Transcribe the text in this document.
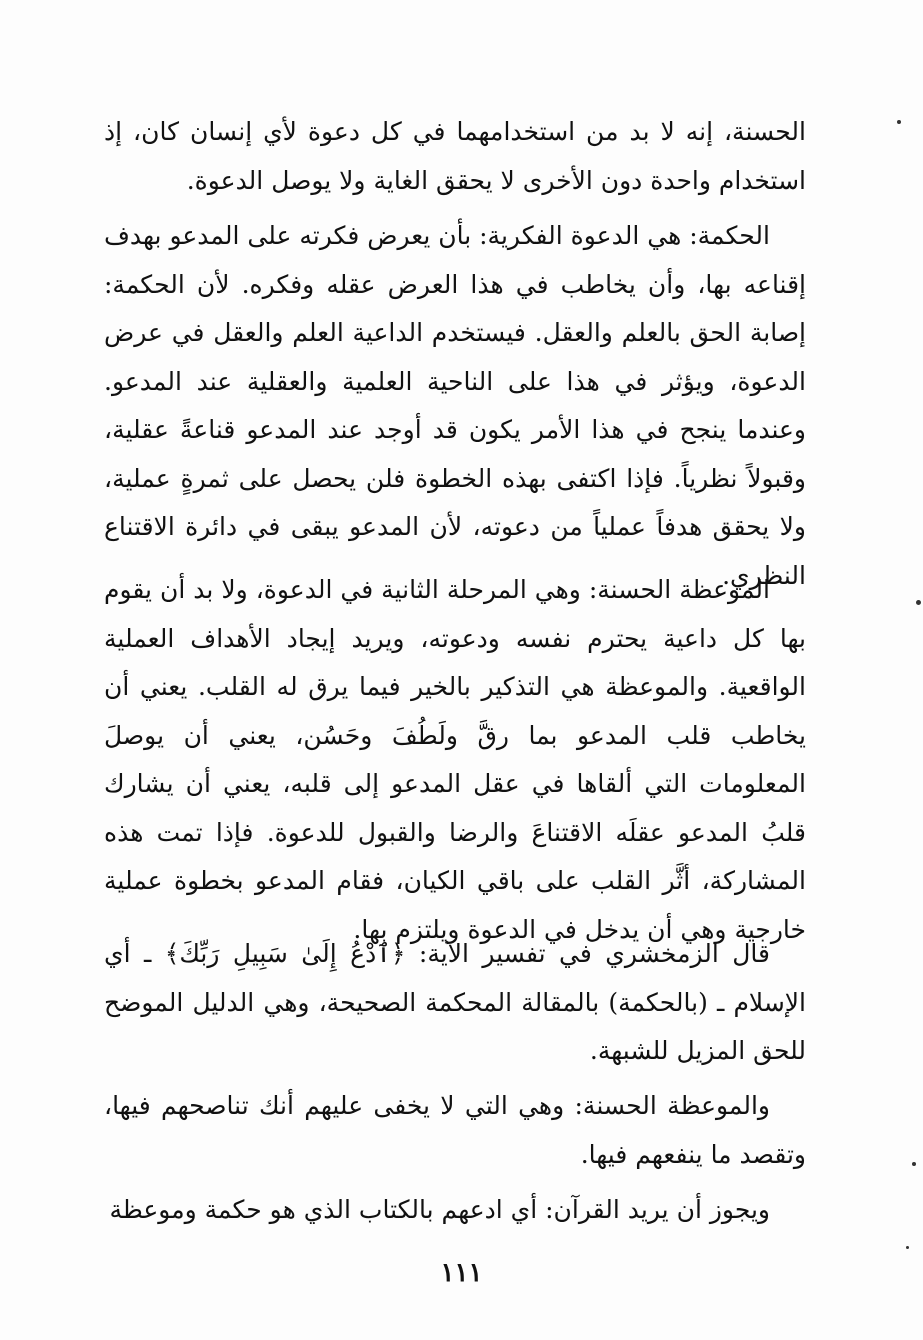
الحسنة، إنه لا بد من استخدامهما في كل دعوة لأي إنسان كان، إذ استخدام واحدة دون الأخرى لا يحقق الغاية ولا يوصل الدعوة.

الحكمة: هي الدعوة الفكرية: بأن يعرض فكرته على المدعو بهدف إقناعه بها، وأن يخاطب في هذا العرض عقله وفكره. لأن الحكمة: إصابة الحق بالعلم والعقل. فيستخدم الداعية العلم والعقل في عرض الدعوة، ويؤثر في هذا على الناحية العلمية والعقلية عند المدعو. وعندما ينجح في هذا الأمر يكون قد أوجد عند المدعو قناعةً عقلية، وقبولاً نظرياً. فإذا اكتفى بهذه الخطوة فلن يحصل على ثمرةٍ عملية، ولا يحقق هدفاً عملياً من دعوته، لأن المدعو يبقى في دائرة الاقتناع النظري.

الموعظة الحسنة: وهي المرحلة الثانية في الدعوة، ولا بد أن يقوم بها كل داعية يحترم نفسه ودعوته، ويريد إيجاد الأهداف العملية الواقعية. والموعظة هي التذكير بالخير فيما يرق له القلب. يعني أن يخاطب قلب المدعو بما رقَّ ولَطُفَ وحَسُن، يعني أن يوصلَ المعلومات التي ألقاها في عقل المدعو إلى قلبه، يعني أن يشارك قلبُ المدعو عقلَه الاقتناعَ والرضا والقبول للدعوة. فإذا تمت هذه المشاركة، أثَّر القلب على باقي الكيان، فقام المدعو بخطوة عملية خارجية وهي أن يدخل في الدعوة ويلتزم بها.

قال الزمخشري في تفسير الآية: ﴿ٱدْعُ إِلَىٰ سَبِيلِ رَبِّكَ﴾ ـ أي الإسلام ـ (بالحكمة) بالمقالة المحكمة الصحيحة، وهي الدليل الموضح للحق المزيل للشبهة.

والموعظة الحسنة: وهي التي لا يخفى عليهم أنك تناصحهم فيها، وتقصد ما ينفعهم فيها.

ويجوز أن يريد القرآن: أي ادعهم بالكتاب الذي هو حكمة وموعظة

١١١
